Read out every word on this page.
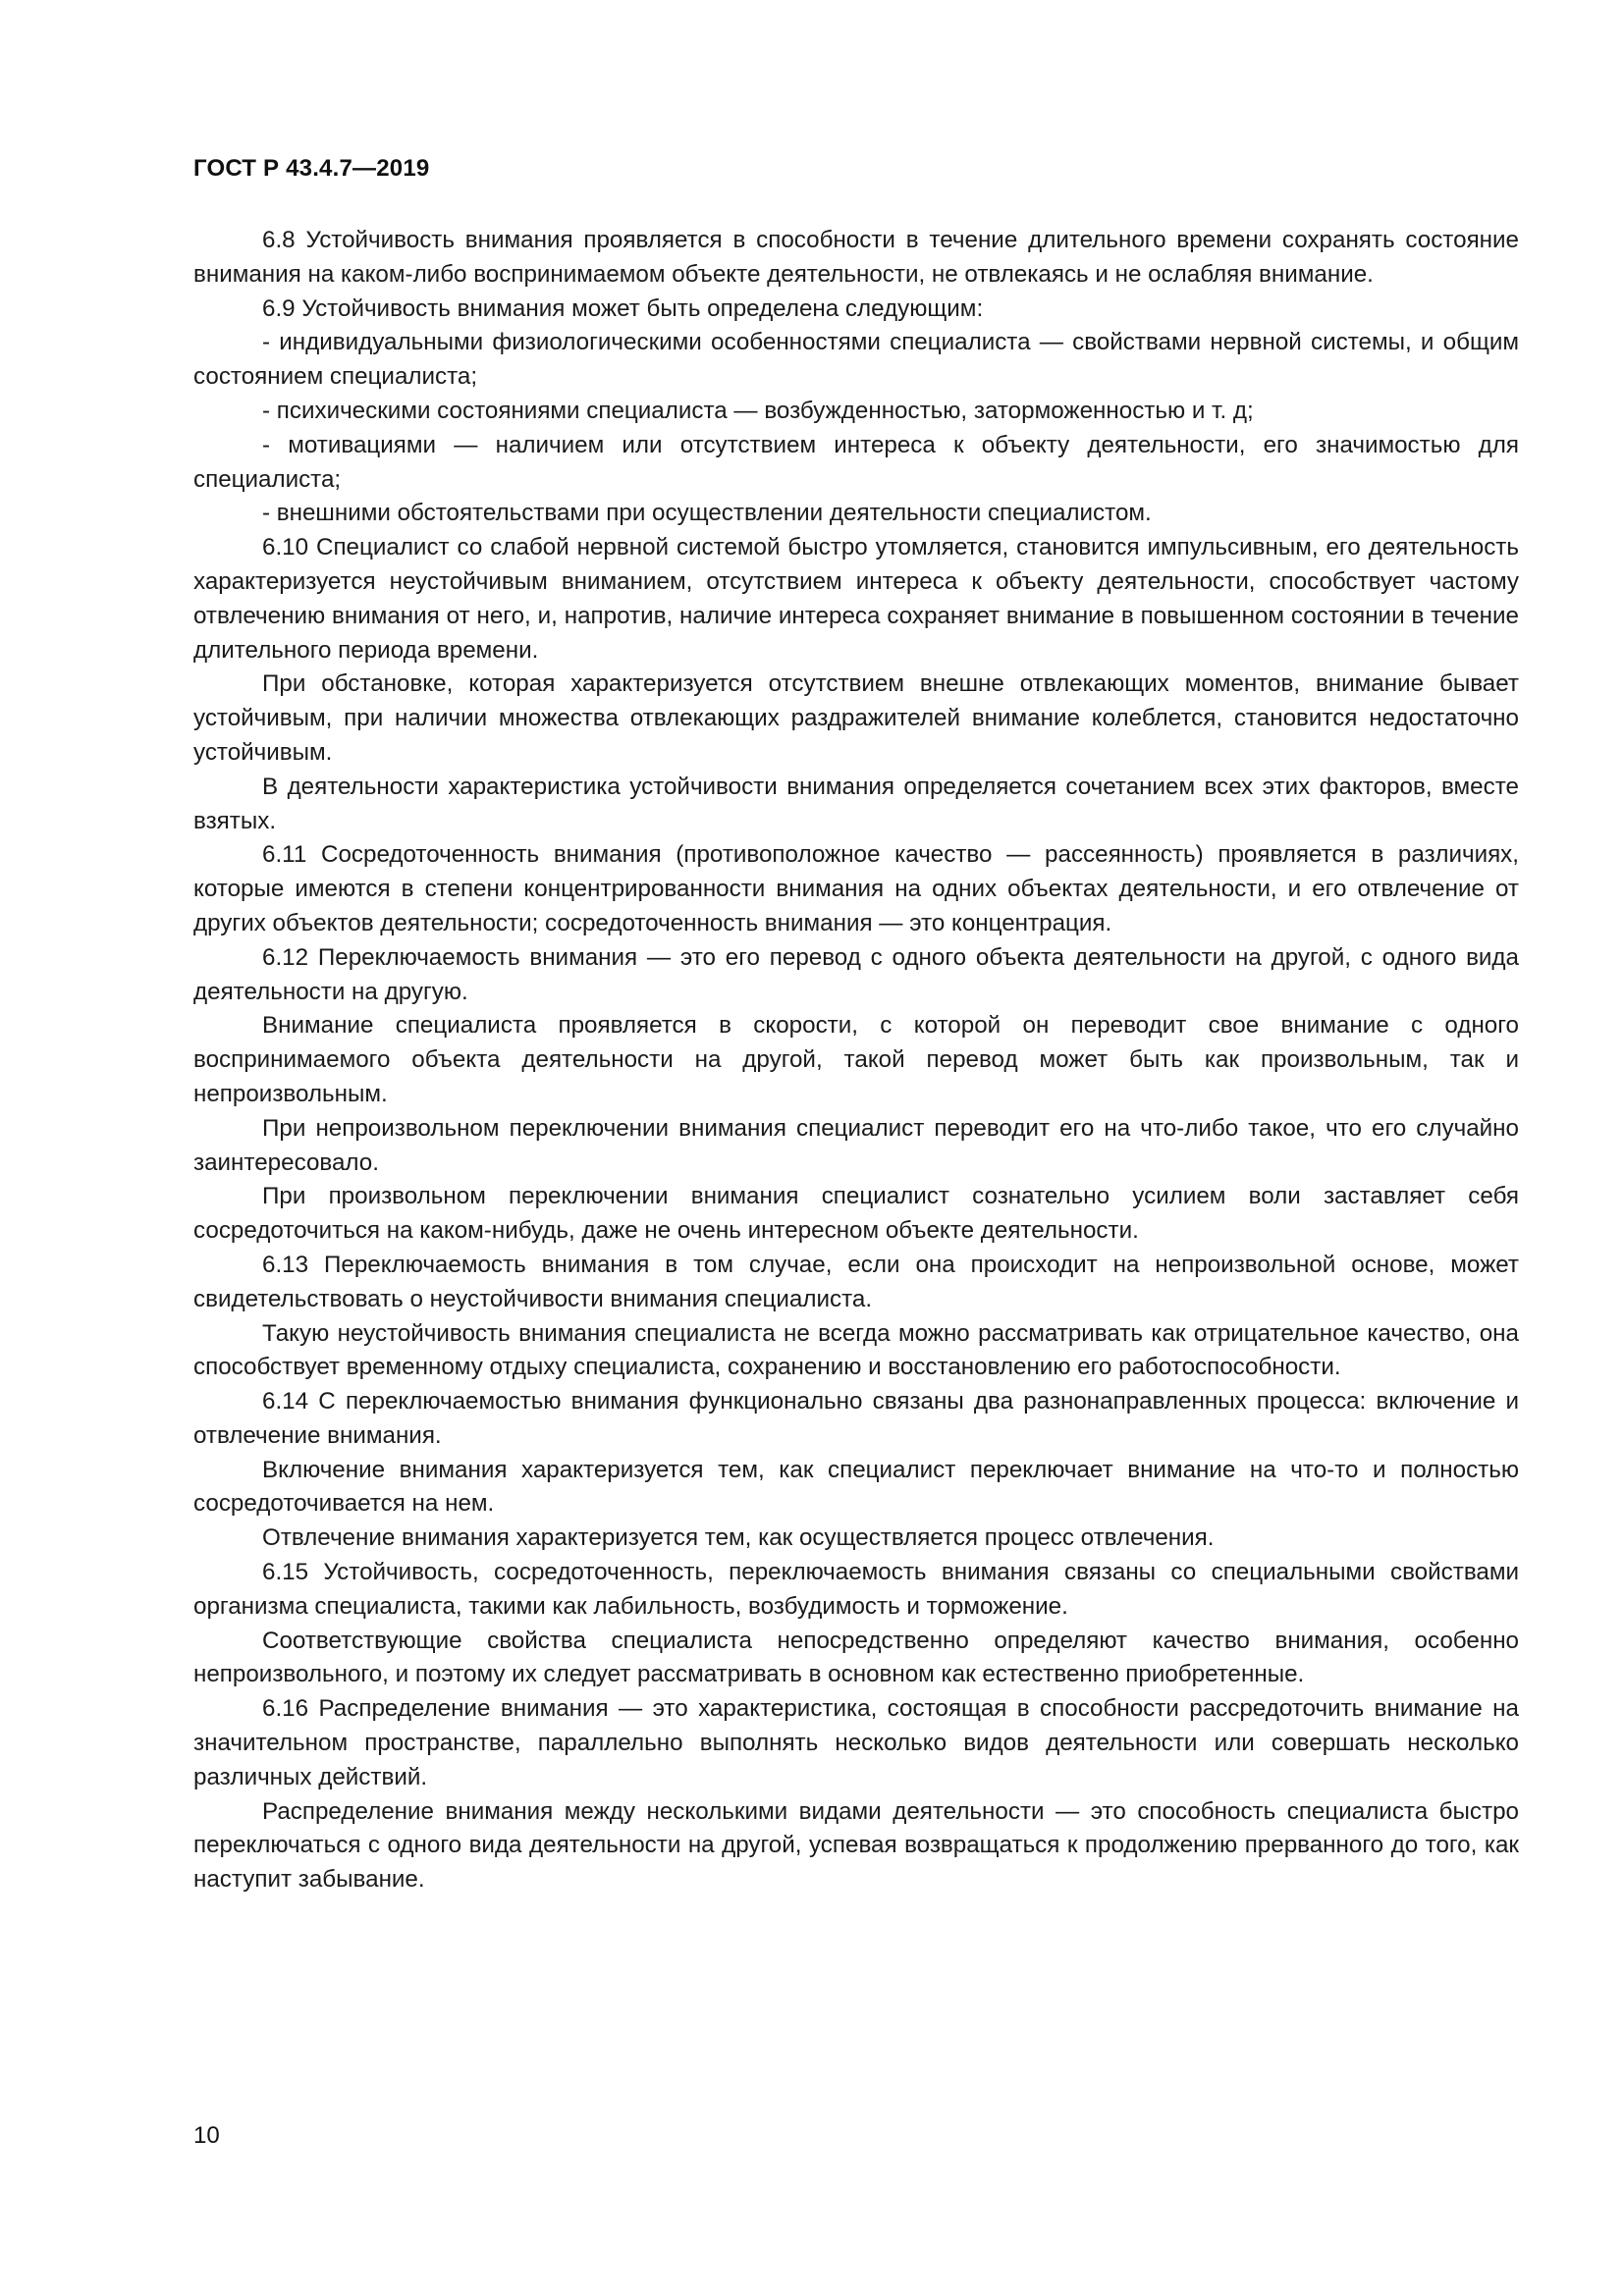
ГОСТ Р 43.4.7—2019

6.8 Устойчивость внимания проявляется в способности в течение длительного времени сохранять состояние внимания на каком-либо воспринимаемом объекте деятельности, не отвлекаясь и не ослабляя внимание.

6.9 Устойчивость внимания может быть определена следующим:

- индивидуальными физиологическими особенностями специалиста — свойствами нервной системы, и общим состоянием специалиста;

- психическими состояниями специалиста — возбужденностью, заторможенностью и т. д;

- мотивациями — наличием или отсутствием интереса к объекту деятельности, его значимостью для специалиста;

- внешними обстоятельствами при осуществлении деятельности специалистом.

6.10 Специалист со слабой нервной системой быстро утомляется, становится импульсивным, его деятельность характеризуется неустойчивым вниманием, отсутствием интереса к объекту деятельности, способствует частому отвлечению внимания от него, и, напротив, наличие интереса сохраняет внимание в повышенном состоянии в течение длительного периода времени.

При обстановке, которая характеризуется отсутствием внешне отвлекающих моментов, внимание бывает устойчивым, при наличии множества отвлекающих раздражителей внимание колеблется, становится недостаточно устойчивым.

В деятельности характеристика устойчивости внимания определяется сочетанием всех этих факторов, вместе взятых.

6.11 Сосредоточенность внимания (противоположное качество — рассеянность) проявляется в различиях, которые имеются в степени концентрированности внимания на одних объектах деятельности, и его отвлечение от других объектов деятельности; сосредоточенность внимания — это концентрация.

6.12 Переключаемость внимания — это его перевод с одного объекта деятельности на другой, с одного вида деятельности на другую.

Внимание специалиста проявляется в скорости, с которой он переводит свое внимание с одного воспринимаемого объекта деятельности на другой, такой перевод может быть как произвольным, так и непроизвольным.

При непроизвольном переключении внимания специалист переводит его на что-либо такое, что его случайно заинтересовало.

При произвольном переключении внимания специалист сознательно усилием воли заставляет себя сосредоточиться на каком-нибудь, даже не очень интересном объекте деятельности.

6.13 Переключаемость внимания в том случае, если она происходит на непроизвольной основе, может свидетельствовать о неустойчивости внимания специалиста.

Такую неустойчивость внимания специалиста не всегда можно рассматривать как отрицательное качество, она способствует временному отдыху специалиста, сохранению и восстановлению его работоспособности.

6.14 С переключаемостью внимания функционально связаны два разнонаправленных процесса: включение и отвлечение внимания.

Включение внимания характеризуется тем, как специалист переключает внимание на что-то и полностью сосредоточивается на нем.

Отвлечение внимания характеризуется тем, как осуществляется процесс отвлечения.

6.15 Устойчивость, сосредоточенность, переключаемость внимания связаны со специальными свойствами организма специалиста, такими как лабильность, возбудимость и торможение.

Соответствующие свойства специалиста непосредственно определяют качество внимания, особенно непроизвольного, и поэтому их следует рассматривать в основном как естественно приобретенные.

6.16 Распределение внимания — это характеристика, состоящая в способности рассредоточить внимание на значительном пространстве, параллельно выполнять несколько видов деятельности или совершать несколько различных действий.

Распределение внимания между несколькими видами деятельности — это способность специалиста быстро переключаться с одного вида деятельности на другой, успевая возвращаться к продолжению прерванного до того, как наступит забывание.

10
